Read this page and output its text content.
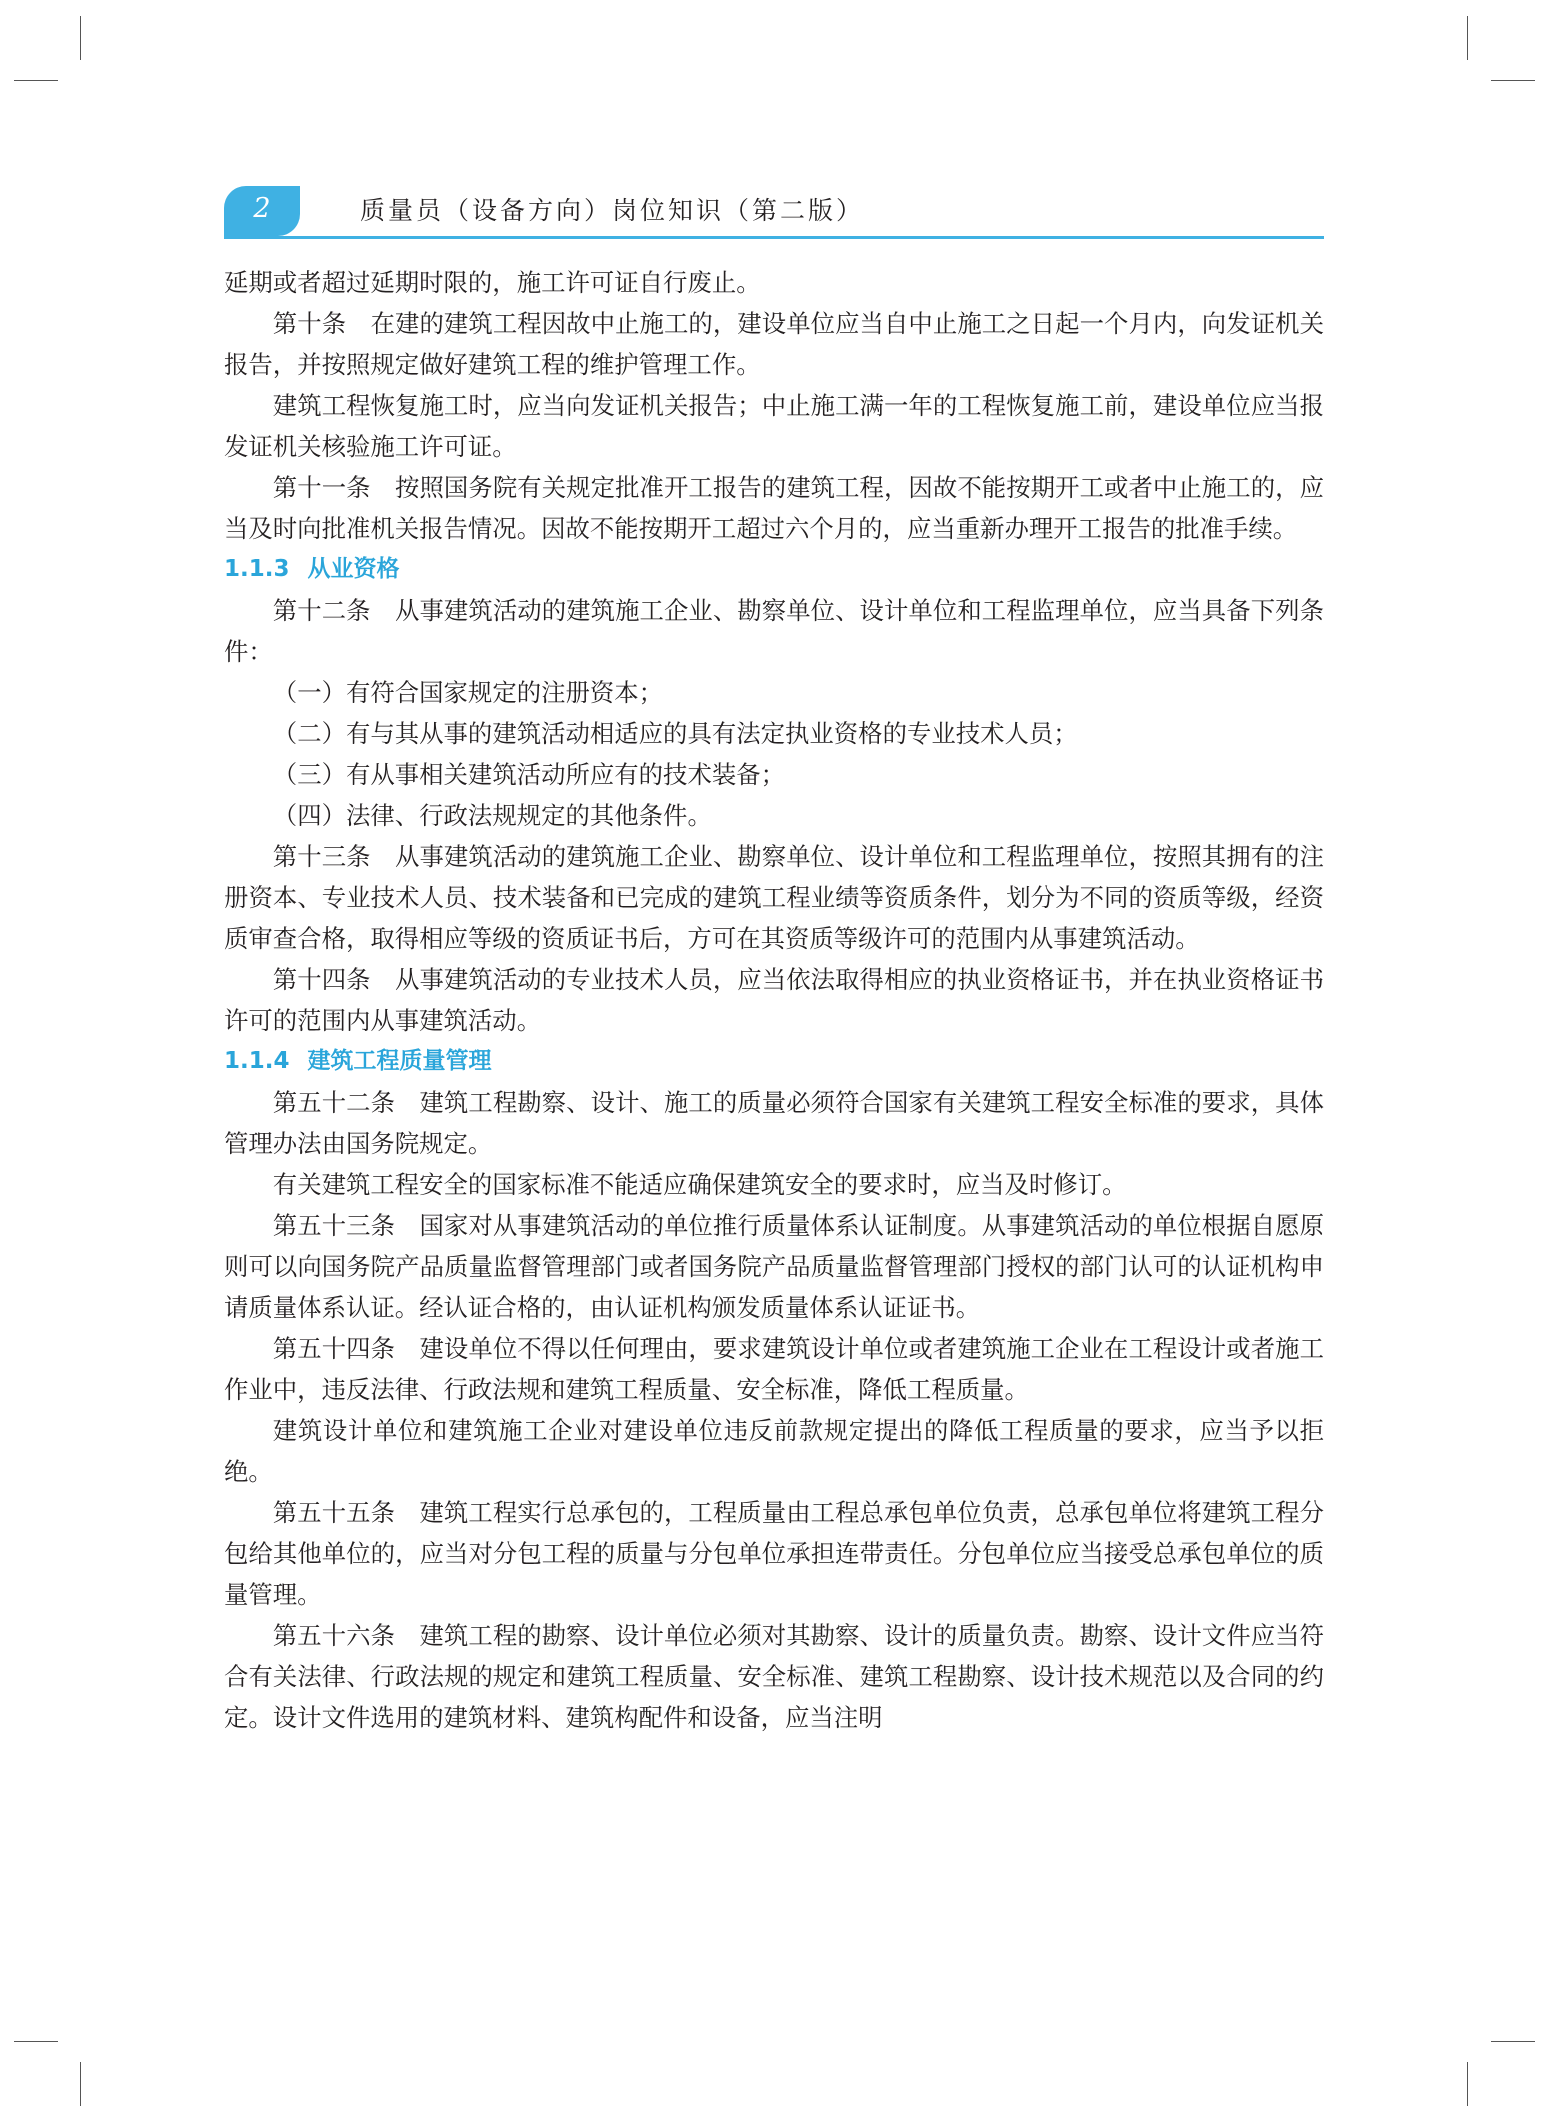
2	质量员（设备方向）岗位知识（第二版）

延期或者超过延期时限的，施工许可证自行废止。

第十条　在建的建筑工程因故中止施工的，建设单位应当自中止施工之日起一个月内，向发证机关报告，并按照规定做好建筑工程的维护管理工作。

建筑工程恢复施工时，应当向发证机关报告；中止施工满一年的工程恢复施工前，建设单位应当报发证机关核验施工许可证。

第十一条　按照国务院有关规定批准开工报告的建筑工程，因故不能按期开工或者中止施工的，应当及时向批准机关报告情况。因故不能按期开工超过六个月的，应当重新办理开工报告的批准手续。

1.1.3 从业资格

第十二条　从事建筑活动的建筑施工企业、勘察单位、设计单位和工程监理单位，应当具备下列条件：

（一）有符合国家规定的注册资本；

（二）有与其从事的建筑活动相适应的具有法定执业资格的专业技术人员；

（三）有从事相关建筑活动所应有的技术装备；

（四）法律、行政法规规定的其他条件。

第十三条　从事建筑活动的建筑施工企业、勘察单位、设计单位和工程监理单位，按照其拥有的注册资本、专业技术人员、技术装备和已完成的建筑工程业绩等资质条件，划分为不同的资质等级，经资质审查合格，取得相应等级的资质证书后，方可在其资质等级许可的范围内从事建筑活动。

第十四条　从事建筑活动的专业技术人员，应当依法取得相应的执业资格证书，并在执业资格证书许可的范围内从事建筑活动。

1.1.4 建筑工程质量管理

第五十二条　建筑工程勘察、设计、施工的质量必须符合国家有关建筑工程安全标准的要求，具体管理办法由国务院规定。

有关建筑工程安全的国家标准不能适应确保建筑安全的要求时，应当及时修订。

第五十三条　国家对从事建筑活动的单位推行质量体系认证制度。从事建筑活动的单位根据自愿原则可以向国务院产品质量监督管理部门或者国务院产品质量监督管理部门授权的部门认可的认证机构申请质量体系认证。经认证合格的，由认证机构颁发质量体系认证证书。

第五十四条　建设单位不得以任何理由，要求建筑设计单位或者建筑施工企业在工程设计或者施工作业中，违反法律、行政法规和建筑工程质量、安全标准，降低工程质量。

建筑设计单位和建筑施工企业对建设单位违反前款规定提出的降低工程质量的要求，应当予以拒绝。

第五十五条　建筑工程实行总承包的，工程质量由工程总承包单位负责，总承包单位将建筑工程分包给其他单位的，应当对分包工程的质量与分包单位承担连带责任。分包单位应当接受总承包单位的质量管理。

第五十六条　建筑工程的勘察、设计单位必须对其勘察、设计的质量负责。勘察、设计文件应当符合有关法律、行政法规的规定和建筑工程质量、安全标准、建筑工程勘察、设计技术规范以及合同的约定。设计文件选用的建筑材料、建筑构配件和设备，应当注明
